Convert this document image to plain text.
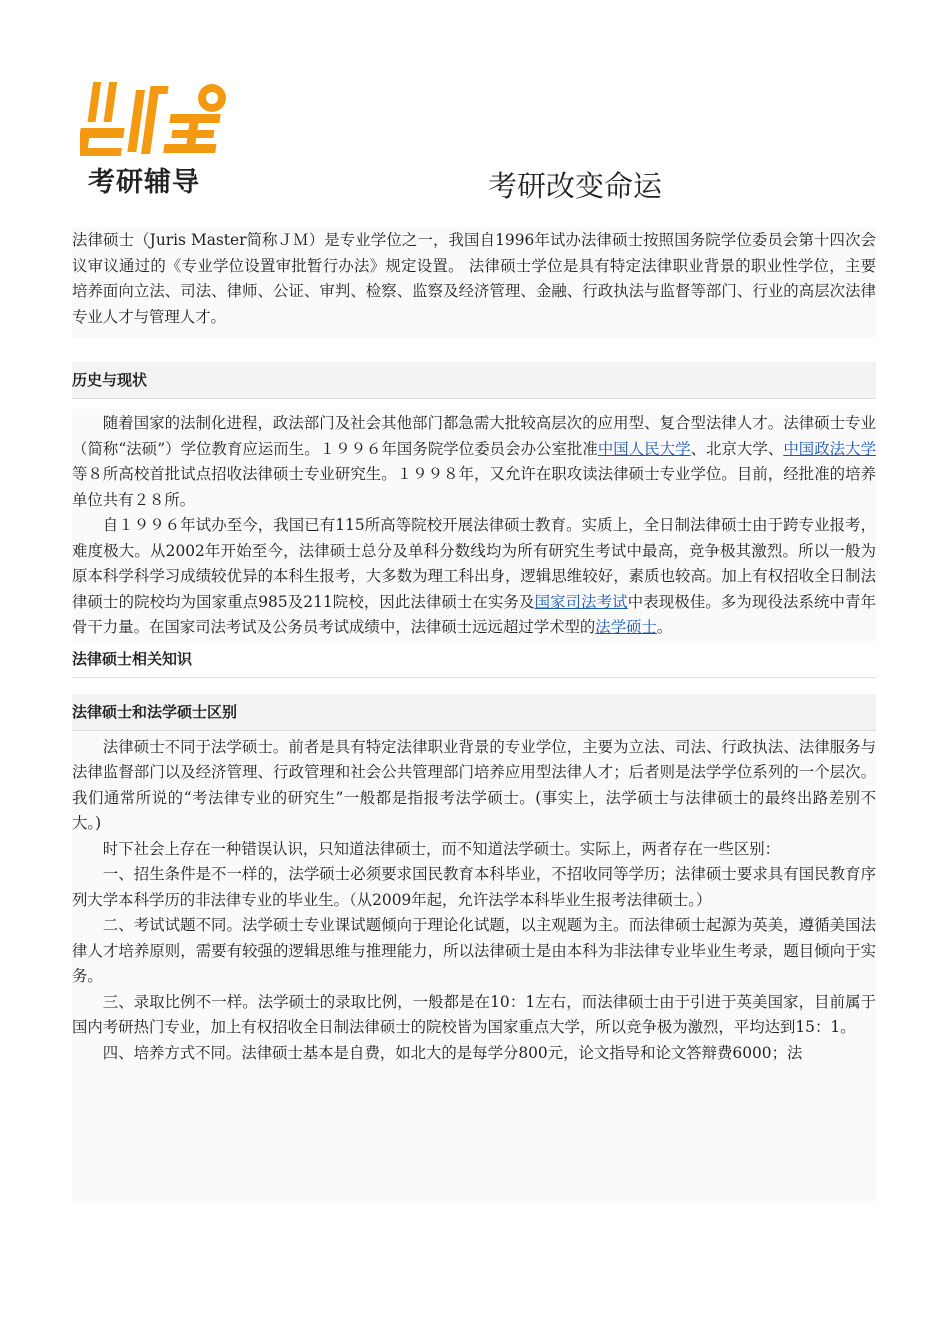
考研辅导	考研改变命运

法律硕士（Juris Master简称ＪＭ）是专业学位之一，我国自1996年试办法律硕士按照国务院学位委员会第十四次会议审议通过的《专业学位设置审批暂行办法》规定设置。 法律硕士学位是具有特定法律职业背景的职业性学位，主要培养面向立法、司法、律师、公证、审判、检察、监察及经济管理、金融、行政执法与监督等部门、行业的高层次法律专业人才与管理人才。

历史与现状

随着国家的法制化进程，政法部门及社会其他部门都急需大批较高层次的应用型、复合型法律人才。法律硕士专业（简称“法硕”）学位教育应运而生。１９９６年国务院学位委员会办公室批准中国人民大学、北京大学、中国政法大学等８所高校首批试点招收法律硕士专业研究生。１９９８年，又允许在职攻读法律硕士专业学位。目前，经批准的培养单位共有２８所。

自１９９６年试办至今，我国已有115所高等院校开展法律硕士教育。实质上，全日制法律硕士由于跨专业报考，难度极大。从2002年开始至今，法律硕士总分及单科分数线均为所有研究生考试中最高，竞争极其激烈。所以一般为原本科学科学习成绩较优异的本科生报考，大多数为理工科出身，逻辑思维较好，素质也较高。加上有权招收全日制法律硕士的院校均为国家重点985及211院校，因此法律硕士在实务及国家司法考试中表现极佳。多为现役法系统中青年骨干力量。在国家司法考试及公务员考试成绩中，法律硕士远远超过学术型的法学硕士。

法律硕士相关知识
法律硕士和法学硕士区别

法律硕士不同于法学硕士。前者是具有特定法律职业背景的专业学位，主要为立法、司法、行政执法、法律服务与法律监督部门以及经济管理、行政管理和社会公共管理部门培养应用型法律人才；后者则是法学学位系列的一个层次。我们通常所说的“考法律专业的研究生”一般都是指报考法学硕士。(事实上，法学硕士与法律硕士的最终出路差别不大。)

时下社会上存在一种错误认识，只知道法律硕士，而不知道法学硕士。实际上，两者存在一些区别：

一、招生条件是不一样的，法学硕士必须要求国民教育本科毕业，不招收同等学历；法律硕士要求具有国民教育序列大学本科学历的非法律专业的毕业生。（从2009年起，允许法学本科毕业生报考法律硕士。）

二、考试试题不同。法学硕士专业课试题倾向于理论化试题，以主观题为主。而法律硕士起源为英美，遵循美国法律人才培养原则，需要有较强的逻辑思维与推理能力，所以法律硕士是由本科为非法律专业毕业生考录，题目倾向于实务。

三、录取比例不一样。法学硕士的录取比例，一般都是在10：1左右，而法律硕士由于引进于英美国家，目前属于国内考研热门专业，加上有权招收全日制法律硕士的院校皆为国家重点大学，所以竞争极为激烈，平均达到15：1。

四、培养方式不同。法律硕士基本是自费，如北大的是每学分800元，论文指导和论文答辩费6000；法
